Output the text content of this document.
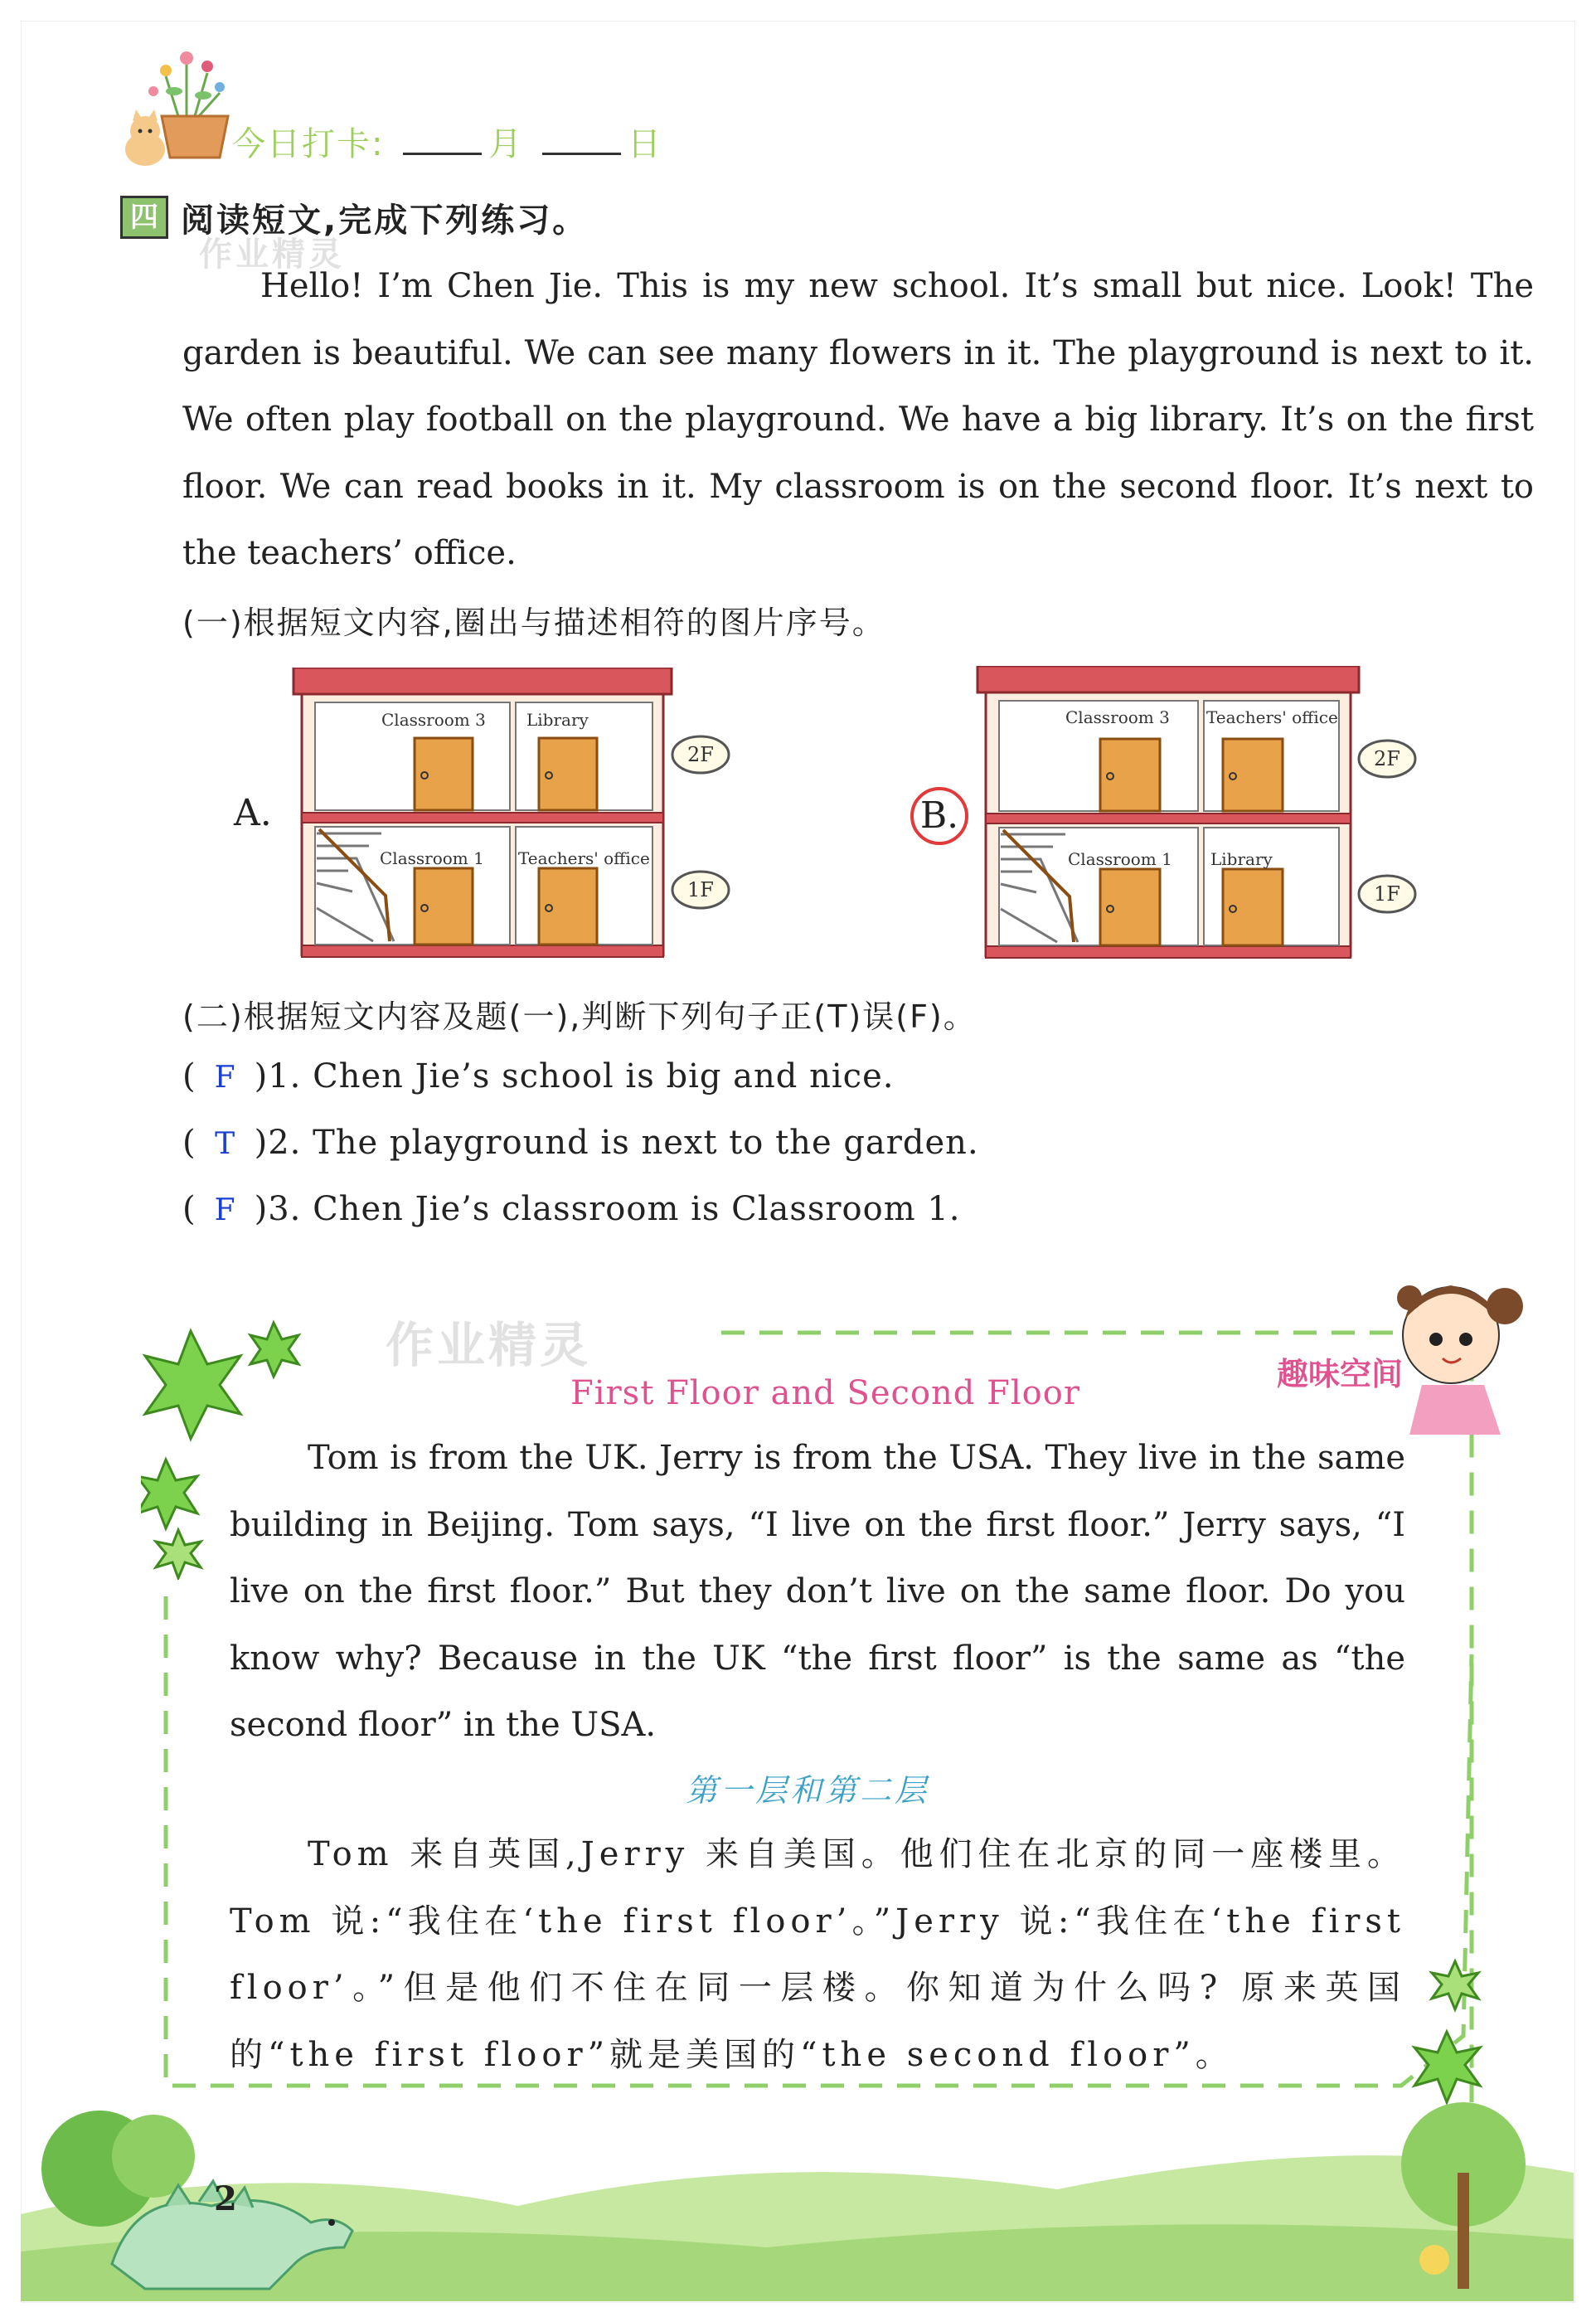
今日打卡:	月	日
四 阅读短文,完成下列练习。
作业精灵

Hello! I’m Chen Jie. This is my new school. It’s small but nice. Look! The garden is beautiful. We can see many flowers in it. The playground is next to it. We often play football on the playground. We have a big library. It’s on the first floor. We can read books in it. My classroom is on the second floor. It’s next to the teachers’ office.

(一)根据短文内容,圈出与描述相符的图片序号。
A.
Classroom 3 Library
Classroom 1 Teachers' office
2F
1F
B.
Classroom 3 Teachers' office
Classroom 1 Library
2F
1F
(二)根据短文内容及题(一),判断下列句子正(T)误(F)。
( F )1. Chen Jie’s school is big and nice.
( T )2. The playground is next to the garden.
( F )3. Chen Jie’s classroom is Classroom 1.
作业精灵
First Floor and Second Floor	趣味空间

Tom is from the UK. Jerry is from the USA. They live in the same building in Beijing. Tom says, “I live on the first floor.” Jerry says, “I live on the first floor.” But they don’t live on the same floor. Do you know why? Because in the UK “the first floor” is the same as “the second floor” in the USA.

第一层和第二层

Tom 来自英国,Jerry 来自美国。他们住在北京的同一座楼里。Tom 说:“我住在‘the first floor’。”Jerry 说:“我住在‘the first floor’。”但是他们不住在同一层楼。你知道为什么吗? 原来英国的“the first floor”就是美国的“the second floor”。

2
